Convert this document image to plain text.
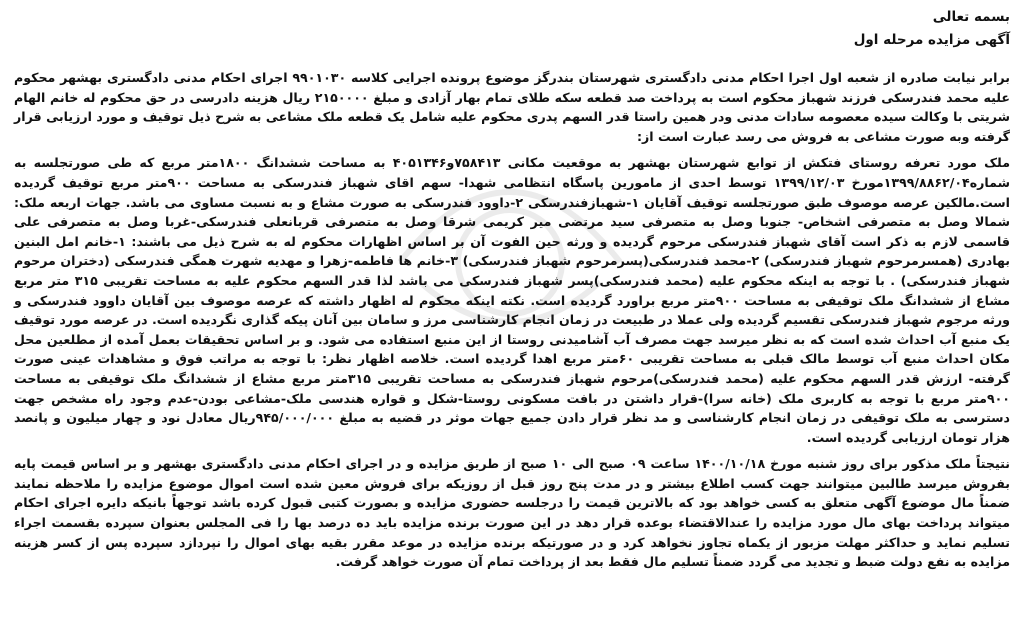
بسمه تعالی

آگهی مزایده مرحله اول

برابر نیابت صادره از شعبه اول اجرا احکام مدنی دادگستری شهرستان بندرگز موضوع پرونده اجرایی کلاسه ۹۹۰۱۰۳۰ اجرای احکام مدنی دادگستری بهشهر محکوم علیه محمد فندرسکی فرزند شهباز محکوم است به پرداخت صد قطعه سکه طلای تمام بهار آزادی و مبلغ ۲۱۵۰۰۰۰ ریال هزینه دادرسی در حق محکوم له خانم الهام شریتی با وکالت سیده معصومه سادات مدنی ودر همین راستا قدر السهم پدری محکوم علیه شامل یک قطعه ملک مشاعی به شرح ذیل توقیف و مورد ارزیابی قرار گرفته وبه صورت مشاعی به فروش می رسد عبارت است از:

ملک مورد تعرفه روستای فتکش از توابع شهرستان بهشهر به موقعیت مکانی ۷۵۸۴۱۳و۴۰۵۱۳۴۶ به مساحت ششدانگ ۱۸۰۰متر مربع که طی صورتجلسه به شماره۱۳۹۹/۸۸۶۲/۰۴مورخ ۱۳۹۹/۱۲/۰۳ توسط احدی از مامورین پاسگاه انتظامی شهدا- سهم اقای شهباز فندرسکی به مساحت ۹۰۰متر مربع توقیف گردیده است.مالکین عرصه موصوف طبق صورتجلسه توقیف آقایان ۱-شهبازفندرسکی ۲-داوود فندرسکی به صورت مشاع و به نسبت مساوی می باشد. جهات اربعه ملک: شمالا وصل به متصرفی اشخاص- جنوبا وصل به متصرفی سید مرتضی میر کریمی شرقا وصل به متصرفی قربانعلی فندرسکی-غربا وصل به متصرفی علی قاسمی لازم به ذکر است آقای شهباز فندرسکی مرحوم گردیده و ورثه حین الفوت آن بر اساس اظهارات محکوم له به شرح ذیل می باشند: ۱-خانم امل البنین بهادری (همسرمرحوم شهباز فندرسکی) ۲-محمد فندرسکی(پسرمرحوم شهباز فندرسکی) ۳-خانم ها فاطمه-زهرا و مهدیه شهرت همگی فندرسکی (دختران مرحوم شهباز فندرسکی) . با توجه به اینکه محکوم علیه (محمد فندرسکی)پسر شهباز فندرسکی می باشد لذا قدر السهم محکوم علیه به مساحت تقریبی ۳۱۵ متر مربع مشاع از ششدانگ ملک توقیفی به مساحت ۹۰۰متر مربع براورد گردیده است. نکته اینکه محکوم له اظهار داشته که عرصه موصوف بین آقایان داوود فندرسکی و ورثه مرجوم شهباز فندرسکی تقسیم گردیده ولی عملا در طبیعت در زمان انجام کارشناسی مرز و سامان بین آنان پیکه گذاری نگردیده است. در عرصه مورد توقیف یک منبع آب احداث شده است که به نظر میرسد جهت مصرف آب آشامیدنی روستا از این منبع استفاده می شود. و بر اساس تحقیقات بعمل آمده از مطلعین محل مکان احداث منبع آب توسط مالک قبلی به مساحت تقریبی ۶۰متر مربع اهدا گردیده است. خلاصه اظهار نظر: با توجه به مراتب فوق و مشاهدات عینی صورت گرفته- ارزش قدر السهم محکوم علیه (محمد فندرسکی)مرحوم شهباز فندرسکی به مساحت تقریبی ۳۱۵متر مربع مشاع از ششدانگ ملک توقیفی به مساحت ۹۰۰متر مربع با توجه به کاربری ملک (خانه سرا)-قرار داشتن در بافت مسکونی روستا-شکل و قواره هندسی ملک-مشاعی بودن-عدم وجود راه مشخص جهت دسترسی به ملک توقیفی در زمان انجام کارشناسی و مد نظر قرار دادن جمیع جهات موثر در قضیه به مبلغ ۹۴۵/۰۰۰/۰۰۰ریال معادل نود و چهار میلیون و پانصد هزار تومان ارزیابی گردیده است.

نتیجتاً ملک مذکور برای روز شنبه مورخ ۱۴۰۰/۱۰/۱۸ ساعت ۰۹ صبح الی ۱۰ صبح از طریق مزایده و در اجرای احکام مدنی دادگستری بهشهر و بر اساس قیمت پایه بفروش میرسد طالبین میتوانند جهت کسب اطلاع بیشتر و در مدت پنج روز قبل از روزیکه برای فروش معین شده است اموال موضوع مزایده را ملاحظه نمایند ضمناً مال موضوع آگهی متعلق به کسی خواهد بود که بالاترین قیمت را درجلسه حضوری مزایده و بصورت کتبی قبول کرده باشد توجهاً بانیکه دایره اجرای احکام میتواند پرداخت بهای مال مورد مزایده را عندالاقتضاء بوعده قرار دهد در این صورت برنده مزایده باید ده درصد بها را فی المجلس بعنوان سپرده بقسمت اجراء تسلیم نماید و حداکثر مهلت مزبور از یکماه تجاوز نخواهد کرد و در صورتیکه برنده مزایده در موعد مقرر بقیه بهای اموال را نپردازد سپرده پس از کسر هزینه مزایده به نفع دولت ضبط و تجدید می گردد ضمناً تسلیم مال فقط بعد از پرداخت تمام آن صورت خواهد گرفت.
